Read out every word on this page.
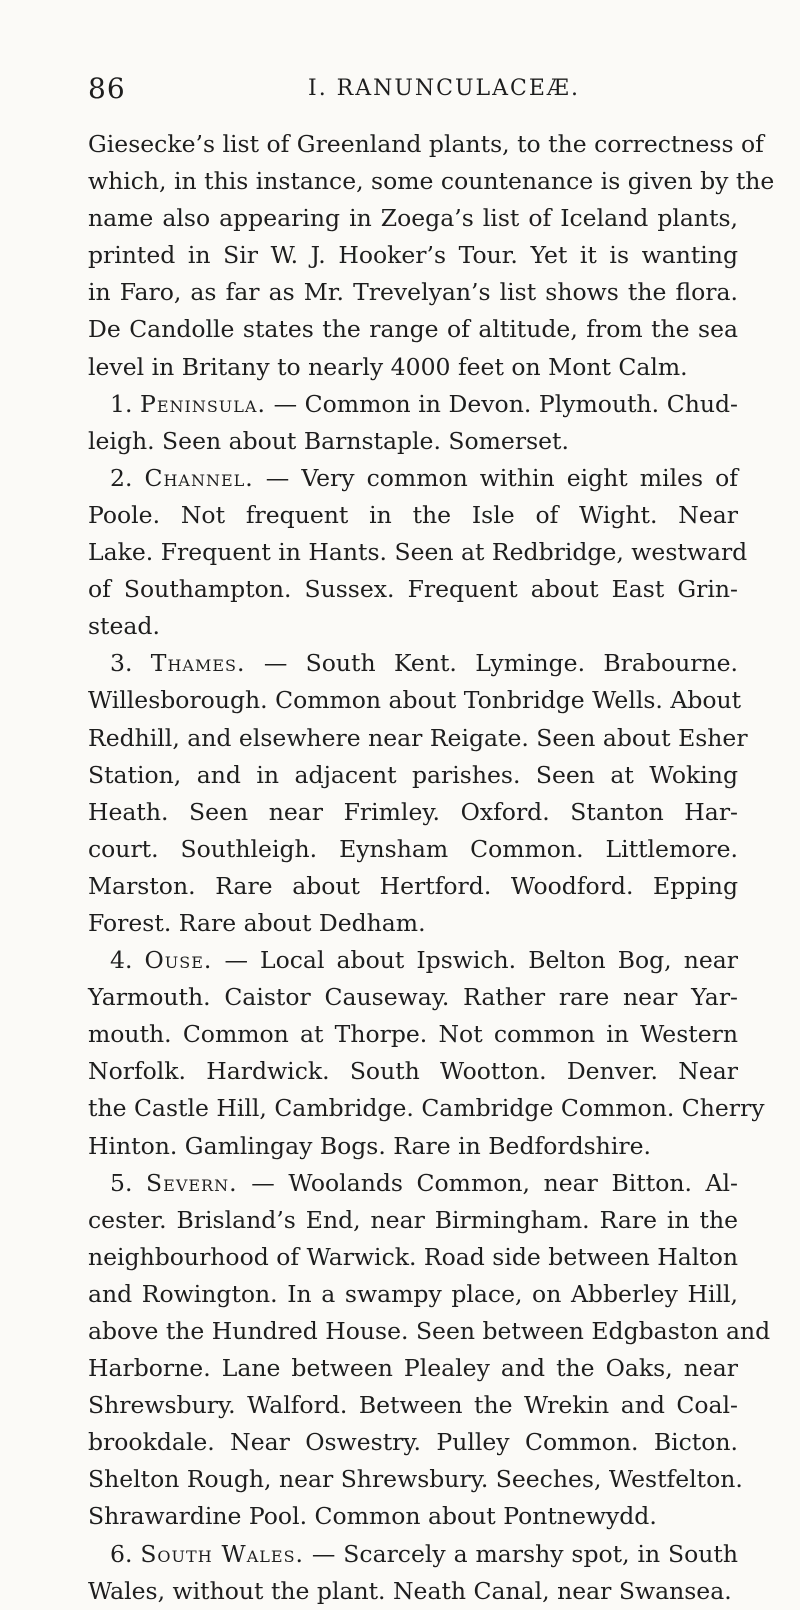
86	I. RANUNCULACEÆ.
Giesecke’s list of Greenland plants, to the correctness of
which, in this instance, some countenance is given by the
name also appearing in Zoega’s list of Iceland plants,
printed in Sir W. J. Hooker’s Tour. Yet it is wanting
in Faro, as far as Mr. Trevelyan’s list shows the flora.
De Candolle states the range of altitude, from the sea
level in Britany to nearly 4000 feet on Mont Calm.
1. Peninsula. — Common in Devon. Plymouth. Chud-
leigh. Seen about Barnstaple. Somerset.
2. Channel. — Very common within eight miles of
Poole. Not frequent in the Isle of Wight. Near
Lake. Frequent in Hants. Seen at Redbridge, westward
of Southampton. Sussex. Frequent about East Grin-
stead.
3. Thames. — South Kent. Lyminge. Brabourne.
Willesborough. Common about Tonbridge Wells. About
Redhill, and elsewhere near Reigate. Seen about Esher
Station, and in adjacent parishes. Seen at Woking
Heath. Seen near Frimley. Oxford. Stanton Har-
court. Southleigh. Eynsham Common. Littlemore.
Marston. Rare about Hertford. Woodford. Epping
Forest. Rare about Dedham.
4. Ouse. — Local about Ipswich. Belton Bog, near
Yarmouth. Caistor Causeway. Rather rare near Yar-
mouth. Common at Thorpe. Not common in Western
Norfolk. Hardwick. South Wootton. Denver. Near
the Castle Hill, Cambridge. Cambridge Common. Cherry
Hinton. Gamlingay Bogs. Rare in Bedfordshire.
5. Severn. — Woolands Common, near Bitton. Al-
cester. Brisland’s End, near Birmingham. Rare in the
neighbourhood of Warwick. Road side between Halton
and Rowington. In a swampy place, on Abberley Hill,
above the Hundred House. Seen between Edgbaston and
Harborne. Lane between Plealey and the Oaks, near
Shrewsbury. Walford. Between the Wrekin and Coal-
brookdale. Near Oswestry. Pulley Common. Bicton.
Shelton Rough, near Shrewsbury. Seeches, Westfelton.
Shrawardine Pool. Common about Pontnewydd.
6. South Wales. — Scarcely a marshy spot, in South
Wales, without the plant. Neath Canal, near Swansea.
